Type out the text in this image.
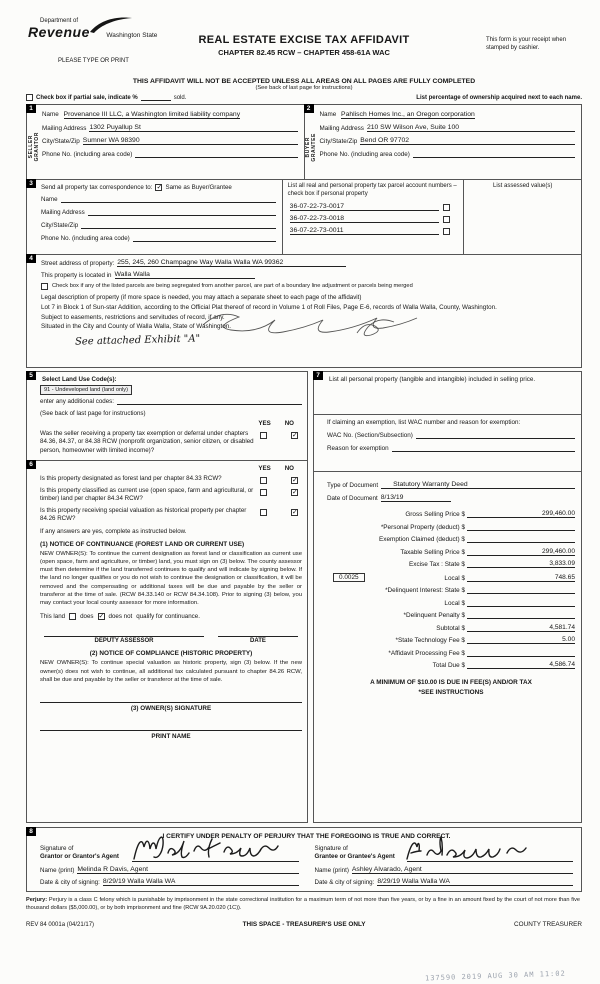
Department of
Revenue	Washington State	REAL ESTATE EXCISE TAX AFFIDAVIT
CHAPTER 82.45 RCW – CHAPTER 458-61A WAC
PLEASE TYPE OR PRINT
This form is your receipt when stamped by cashier.
THIS AFFIDAVIT WILL NOT BE ACCEPTED UNLESS ALL AREAS ON ALL PAGES ARE FULLY COMPLETED
(See back of last page for instructions)
Check box if partial sale, indicate %	sold.	List percentage of ownership acquired next to each name.
1
SELLER GRANTOR
Name Provenance III LLC, a Washington limited liability company
Mailing Address 1302 Puyallup St
City/State/Zip Sumner WA 98390
Phone No. (including area code)
2
BUYER GRANTEE
Name Pahlisch Homes Inc., an Oregon corporation
Mailing Address 210 SW Wilson Ave, Suite 100
City/State/Zip Bend OR 97702
Phone No. (including area code)
3
Send all property tax correspondence to: ✓ Same as Buyer/Grantee
Name
Mailing Address
City/State/Zip
Phone No. (including area code)
List all real and personal property tax parcel account numbers – check box if personal property
36-07-22-73-0017
36-07-22-73-0018
36-07-22-73-0011
List assessed value(s)
4
Street address of property: 255, 245, 260 Champagne Way Walla Walla WA 99362
This property is located in Walla Walla
Check box if any of the listed parcels are being segregated from another parcel, are part of a boundary line adjustment or parcels being merged
Legal description of property (if more space is needed, you may attach a separate sheet to each page of the affidavit)
Lot 7 in Block 1 of Sun-star Addition, according to the Official Plat thereof of record in Volume 1 of Roll Files, Page E-6, records of Walla Walla, County, Washington.
Subject to easements, restrictions and servitudes of record, if any.
Situated in the City and County of Walla Walla, State of Washington.
See attached Exhibit "A"
5
Select Land Use Code(s):
91 - Undeveloped land (land only)
enter any additional codes:
(See back of last page for instructions)
YES NO
Was the seller receiving a property tax exemption or deferral under chapters 84.36, 84.37, or 84.38 RCW (nonprofit organization, senior citizen, or disabled person, homeowner with limited income)?
✓
6
YES NO
Is this property designated as forest land per chapter 84.33 RCW?	✓
Is this property classified as current use (open space, farm and agricultural, or timber) land per chapter 84.34 RCW?
✓
Is this property receiving special valuation as historical property per chapter 84.26 RCW?
✓
If any answers are yes, complete as instructed below.
(1) NOTICE OF CONTINUANCE (FOREST LAND OR CURRENT USE)
NEW OWNER(S): To continue the current designation as forest land or classification as current use (open space, farm and agriculture, or timber) land, you must sign on (3) below. The county assessor must then determine if the land transferred continues to qualify and will indicate by signing below. If the land no longer qualifies or you do not wish to continue the designation or classification, it will be removed and the compensating or additional taxes will be due and payable by the seller or transferor at the time of sale. (RCW 84.33.140 or RCW 84.34.108). Prior to signing (3) below, you may contact your local county assessor for more information.
This land does ✓ does not qualify for continuance.
DEPUTY ASSESSOR	DATE
(2) NOTICE OF COMPLIANCE (HISTORIC PROPERTY)
NEW OWNER(S): To continue special valuation as historic property, sign (3) below. If the new owner(s) does not wish to continue, all additional tax calculated pursuant to chapter 84.26 RCW, shall be due and payable by the seller or transferor at the time of sale.
(3) OWNER(S) SIGNATURE
PRINT NAME
7
List all personal property (tangible and intangible) included in selling price.
If claiming an exemption, list WAC number and reason for exemption:
WAC No. (Section/Subsection)
Reason for exemption
Type of Document	Statutory Warranty Deed
Date of Document 8/13/19
Gross Selling Price $	299,460.00
*Personal Property (deduct) $
Exemption Claimed (deduct) $
Taxable Selling Price $	299,460.00
Excise Tax : State $	3,833.09
0.0025	Local $	748.65
*Delinquent Interest: State $
Local $
*Delinquent Penalty $
Subtotal $	4,581.74
*State Technology Fee $	5.00
*Affidavit Processing Fee $
Total Due $	4,586.74
A MINIMUM OF $10.00 IS DUE IN FEE(S) AND/OR TAX
*SEE INSTRUCTIONS
8
I CERTIFY UNDER PENALTY OF PERJURY THAT THE FOREGOING IS TRUE AND CORRECT.
Signature of
Grantor or Grantor's Agent
Name (print) Melinda R Davis, Agent
Date & city of signing: 8/29/19 Walla Walla WA
Signature of
Grantee or Grantee's Agent
Name (print) Ashley Alvarado, Agent
Date & city of signing: 8/29/19 Walla Walla WA
Perjury: Perjury is a class C felony which is punishable by imprisonment in the state correctional institution for a maximum term of not more than five years, or by a fine in an amount fixed by the court of not more than five thousand dollars ($5,000.00), or by both imprisonment and fine (RCW 9A.20.020 (1C)).
REV 84 0001a (04/21/17)	THIS SPACE - TREASURER'S USE ONLY	COUNTY TREASURER
137590 2019 AUG 30 AM 11:02
